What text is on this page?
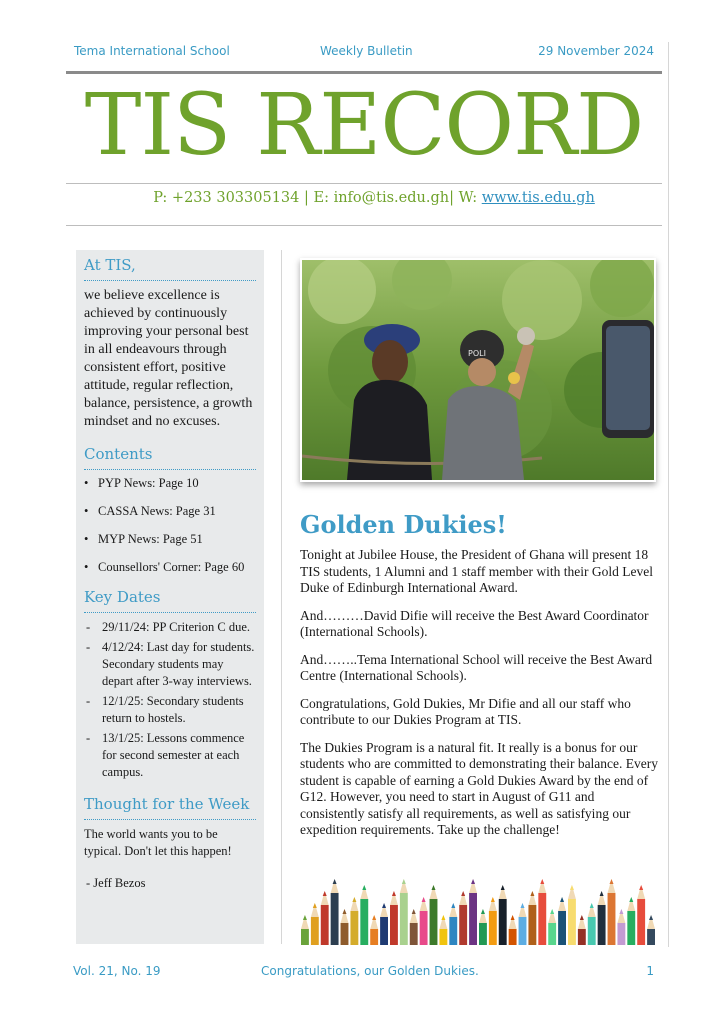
Tema International School	Weekly Bulletin	29 November 2024
TIS RECORD
P: +233 303305134 | E: info@tis.edu.gh| W: www.tis.edu.gh
At TIS,
we believe excellence is achieved by continuously improving your personal best in all endeavours through consistent effort, positive attitude, regular reflection, balance, persistence, a growth mindset and no excuses.
Contents
• PYP News: Page 10
• CASSA News: Page 31
• MYP News: Page 51
• Counsellors' Corner: Page 60
Key Dates
- 29/11/24: PP Criterion C due.
- 4/12/24: Last day for students. Secondary students may depart after 3-way interviews.
- 12/1/25: Secondary students return to hostels.
- 13/1/25: Lessons commence for second semester at each campus.
Thought for the Week
The world wants you to be typical. Don't let this happen!
- Jeff Bezos
POLI
Golden Dukies!

Tonight at Jubilee House, the President of Ghana will present 18 TIS students, 1 Alumni and 1 staff member with their Gold Level Duke of Edinburgh International Award.

And………David Difie will receive the Best Award Coordinator (International Schools).

And……..Tema International School will receive the Best Award Centre (International Schools).

Congratulations, Gold Dukies, Mr Difie and all our staff who contribute to our Dukies Program at TIS.

The Dukies Program is a natural fit. It really is a bonus for our students who are committed to demonstrating their balance. Every student is capable of earning a Gold Dukies Award by the end of G12. However, you need to start in August of G11 and consistently satisfy all requirements, as well as satisfying our expedition requirements. Take up the challenge!

Vol. 21, No. 19	Congratulations, our Golden Dukies.	1
